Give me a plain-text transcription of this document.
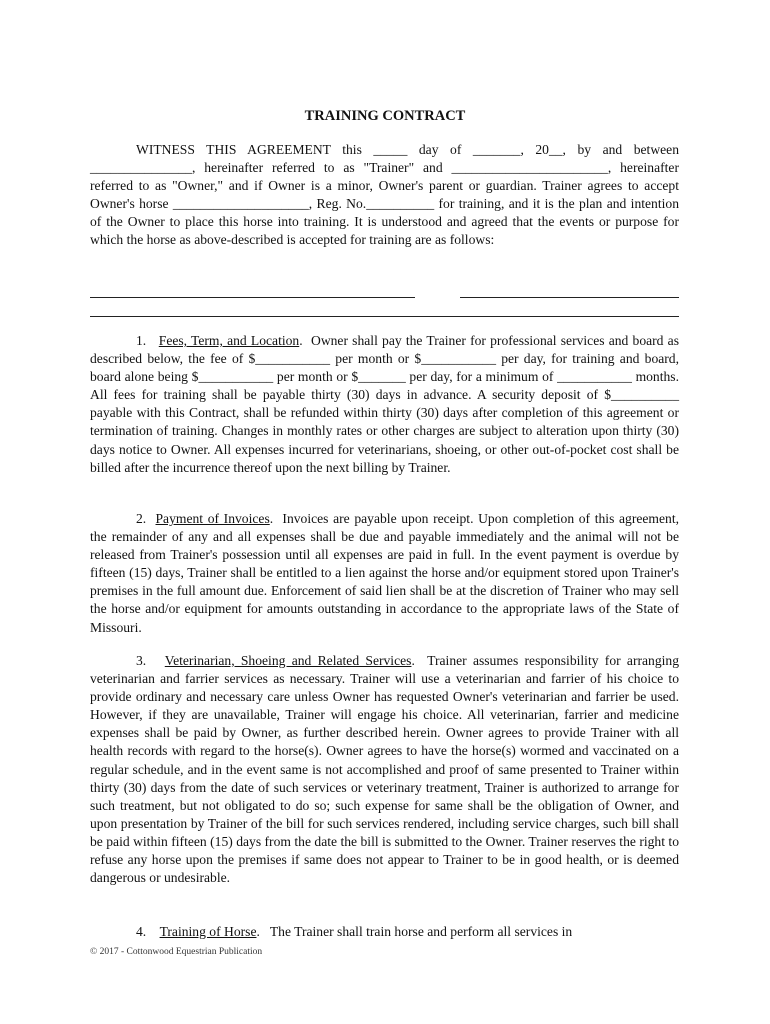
TRAINING CONTRACT

WITNESS THIS AGREEMENT this _____ day of _______, 20__, by and between _______________, hereinafter referred to as "Trainer" and _______________________, hereinafter referred to as "Owner," and if Owner is a minor, Owner's parent or guardian. Trainer agrees to accept Owner's horse ____________________, Reg. No.__________ for training, and it is the plan and intention of the Owner to place this horse into training. It is understood and agreed that the events or purpose for which the horse as above-described is accepted for training are as follows:

1. Fees, Term, and Location.  Owner shall pay the Trainer for professional services and board as described below, the fee of $___________ per month or $___________ per day, for training and board, board alone being $___________ per month or $_______ per day, for a minimum of ___________ months. All fees for training shall be payable thirty (30) days in advance. A security deposit of $__________ payable with this Contract, shall be refunded within thirty (30) days after completion of this agreement or termination of training. Changes in monthly rates or other charges are subject to alteration upon thirty (30) days notice to Owner. All expenses incurred for veterinarians, shoeing, or other out-of-pocket cost shall be billed after the incurrence thereof upon the next billing by Trainer.

2. Payment of Invoices.  Invoices are payable upon receipt. Upon completion of this agreement, the remainder of any and all expenses shall be due and payable immediately and the animal will not be released from Trainer's possession until all expenses are paid in full. In the event payment is overdue by fifteen (15) days, Trainer shall be entitled to a lien against the horse and/or equipment stored upon Trainer's premises in the full amount due. Enforcement of said lien shall be at the discretion of Trainer who may sell the horse and/or equipment for amounts outstanding in accordance to the appropriate laws of the State of Missouri.

3. Veterinarian, Shoeing and Related Services.  Trainer assumes responsibility for arranging veterinarian and farrier services as necessary. Trainer will use a veterinarian and farrier of his choice to provide ordinary and necessary care unless Owner has requested Owner's veterinarian and farrier be used. However, if they are unavailable, Trainer will engage his choice. All veterinarian, farrier and medicine expenses shall be paid by Owner, as further described herein. Owner agrees to provide Trainer with all health records with regard to the horse(s). Owner agrees to have the horse(s) wormed and vaccinated on a regular schedule, and in the event same is not accomplished and proof of same presented to Trainer within thirty (30) days from the date of such services or veterinary treatment, Trainer is authorized to arrange for such treatment, but not obligated to do so; such expense for same shall be the obligation of Owner, and upon presentation by Trainer of the bill for such services rendered, including service charges, such bill shall be paid within fifteen (15) days from the date the bill is submitted to the Owner. Trainer reserves the right to refuse any horse upon the premises if same does not appear to Trainer to be in good health, or is deemed dangerous or undesirable.

4. Training of Horse.   The Trainer shall train horse and perform all services in

© 2017 - Cottonwood Equestrian Publication
